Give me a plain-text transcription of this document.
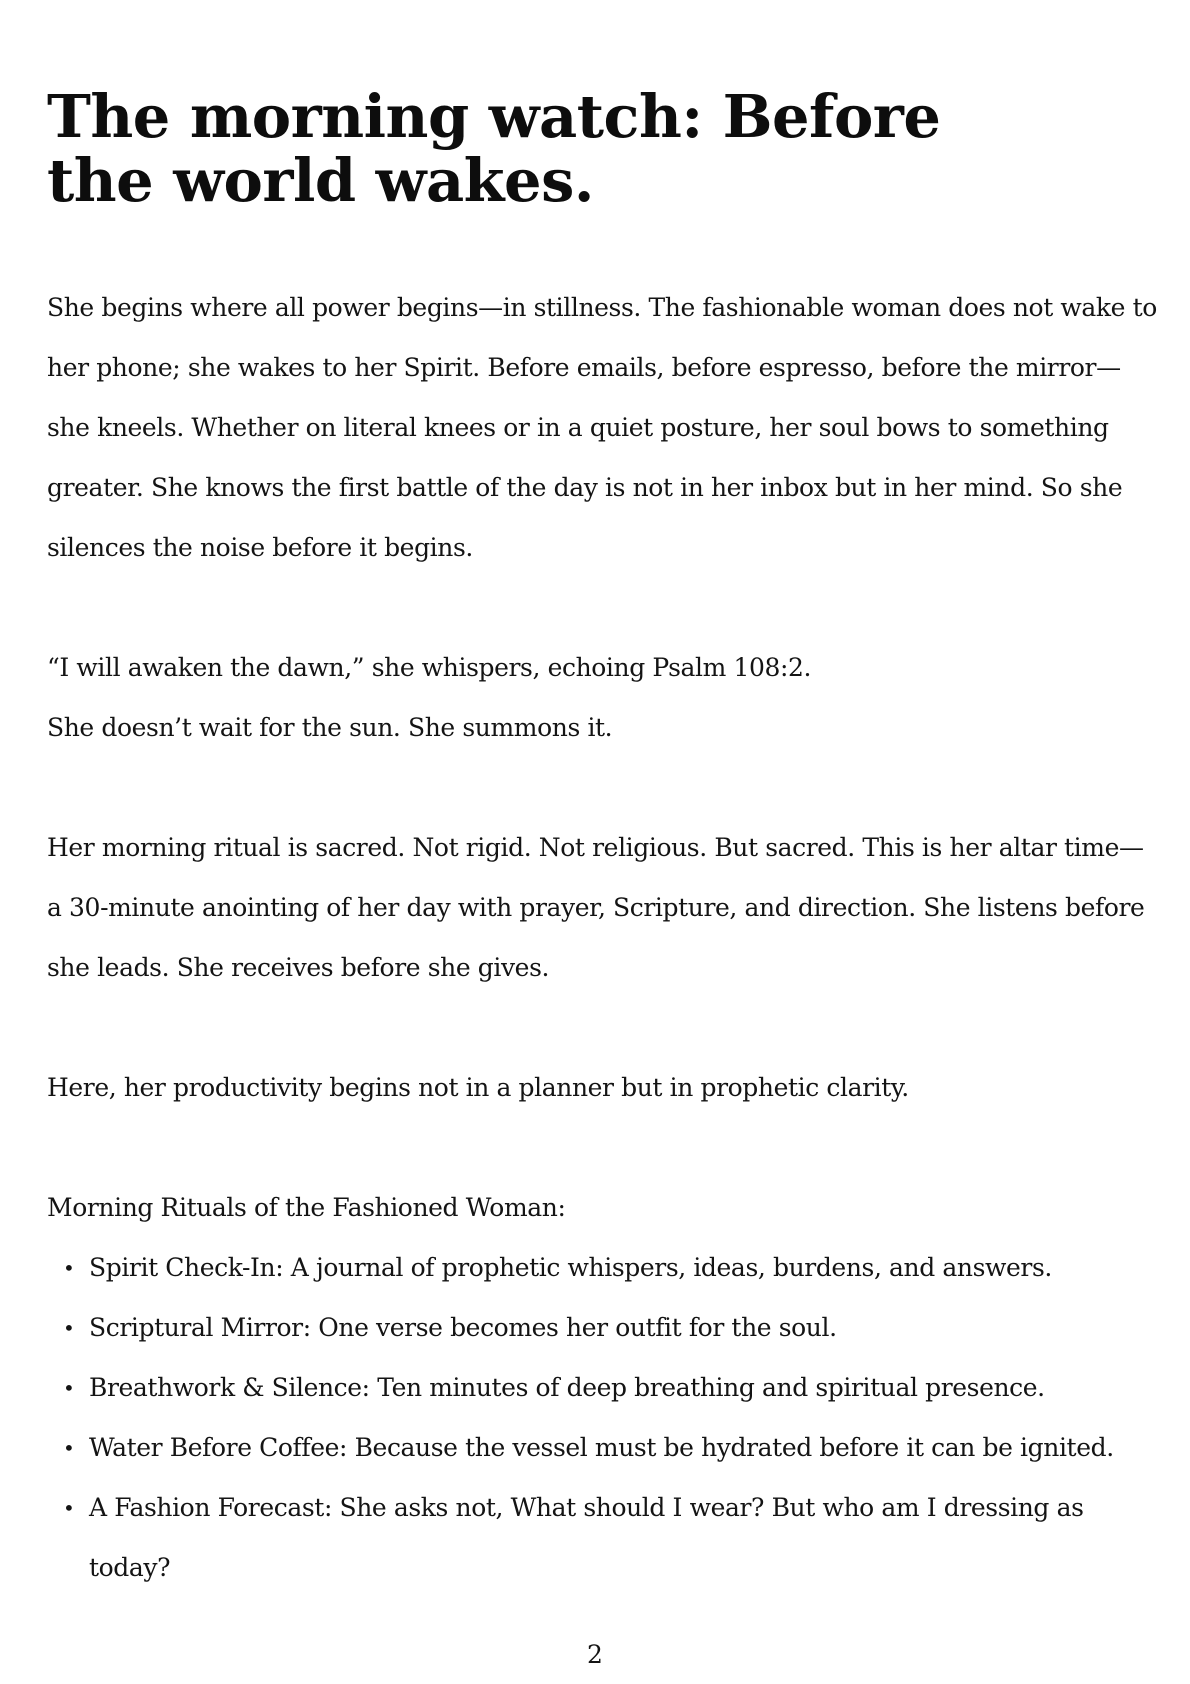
The morning watch: Before the world wakes.

She begins where all power begins—in stillness. The fashionable woman does not wake to her phone; she wakes to her Spirit. Before emails, before espresso, before the mirror—she kneels. Whether on literal knees or in a quiet posture, her soul bows to something greater. She knows the first battle of the day is not in her inbox but in her mind. So she silences the noise before it begins.

“I will awaken the dawn,” she whispers, echoing Psalm 108:2.
She doesn’t wait for the sun. She summons it.

Her morning ritual is sacred. Not rigid. Not religious. But sacred. This is her altar time—a 30-minute anointing of her day with prayer, Scripture, and direction. She listens before she leads. She receives before she gives.

Here, her productivity begins not in a planner but in prophetic clarity.

Morning Rituals of the Fashioned Woman:

• Spirit Check-In: A journal of prophetic whispers, ideas, burdens, and answers.
• Scriptural Mirror: One verse becomes her outfit for the soul.
• Breathwork & Silence: Ten minutes of deep breathing and spiritual presence.
• Water Before Coffee: Because the vessel must be hydrated before it can be ignited.
• A Fashion Forecast: She asks not, What should I wear? But who am I dressing as today?
2
